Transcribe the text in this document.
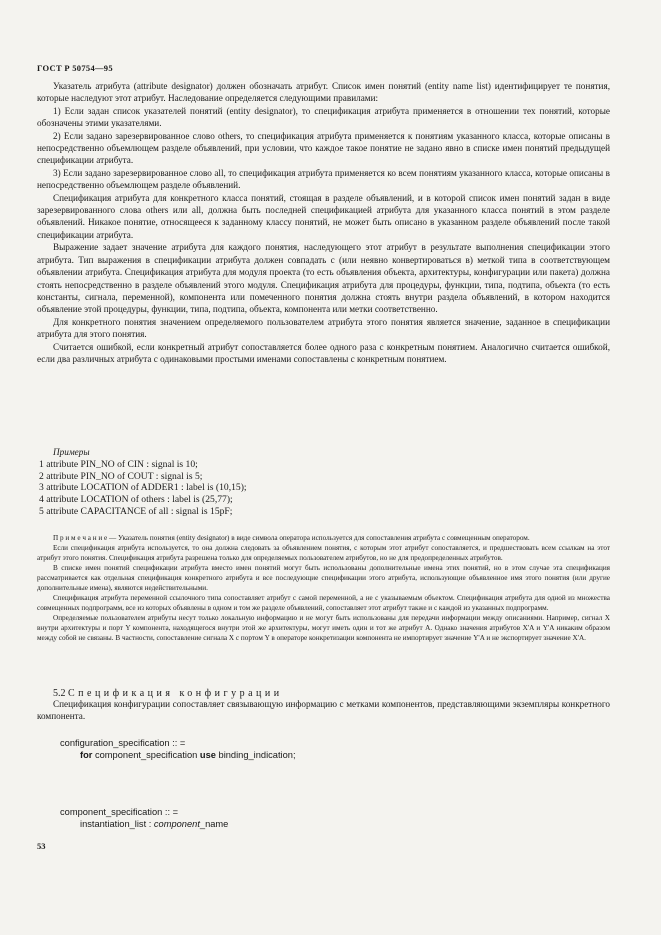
ГОСТ Р 50754—95

Указатель атрибута (attribute designator) должен обозначать атрибут. Список имен понятий (entity name list) идентифицирует те понятия, которые наследуют этот атрибут. Наследование определяется следующими правилами:

1) Если задан список указателей понятий (entity designator), то спецификация атрибута применяется в отношении тех понятий, которые обозначены этими указателями.

2) Если задано зарезервированное слово others, то спецификация атрибута применяется к понятиям указанного класса, которые описаны в непосредственно объемлющем разделе объявлений, при условии, что каждое такое понятие не задано явно в списке имен понятий предыдущей спецификации атрибута.

3) Если задано зарезервированное слово all, то спецификация атрибута применяется ко всем понятиям указанного класса, которые описаны в непосредственно объемлющем разделе объявлений.

Спецификация атрибута для конкретного класса понятий, стоящая в разделе объявлений, и в которой список имен понятий задан в виде зарезервированного слова others или all, должна быть последней спецификацией атрибута для указанного класса понятий в этом разделе объявлений. Никакое понятие, относящееся к заданному классу понятий, не может быть описано в указанном разделе объявлений после такой спецификации атрибута.

Выражение задает значение атрибута для каждого понятия, наследующего этот атрибут в результате выполнения спецификации этого атрибута. Тип выражения в спецификации атрибута должен совпадать с (или неявно конвертироваться в) меткой типа в соответствующем объявлении атрибута. Спецификация атрибута для модуля проекта (то есть объявления объекта, архитектуры, конфигурации или пакета) должна стоять непосредственно в разделе объявлений этого модуля. Спецификация атрибута для процедуры, функции, типа, подтипа, объекта (то есть константы, сигнала, переменной), компонента или помеченного понятия должна стоять внутри раздела объявлений, в котором находится объявление этой процедуры, функции, типа, подтипа, объекта, компонента или метки соответственно.

Для конкретного понятия значением определяемого пользователем атрибута этого понятия является значение, заданное в спецификации атрибута для этого понятия.

Считается ошибкой, если конкретный атрибут сопоставляется более одного раза с конкретным понятием. Аналогично считается ошибкой, если два различных атрибута с одинаковыми простыми именами сопоставлены с конкретным понятием.

Примеры
1 attribute PIN_NO of CIN : signal is 10;
2 attribute PIN_NO of COUT : signal is 5;
3 attribute LOCATION of ADDER1 : label is (10,15);
4 attribute LOCATION of others : label is (25,77);
5 attribute CAPACITANCE of all : signal is 15pF;

П р и м е ч а н и е — Указатель понятия (entity designator) в виде символа оператора используется для сопоставления атрибута с совмещенным оператором.

Если спецификация атрибута используется, то она должна следовать за объявлением понятия, с которым этот атрибут сопоставляется, и предшествовать всем ссылкам на этот атрибут этого понятия. Спецификация атрибута разрешена только для определяемых пользователем атрибутов, но не для предопределенных атрибутов.

В списке имен понятий спецификации атрибута вместо имен понятий могут быть использованы дополнительные имена этих понятий, но в этом случае эта спецификация рассматривается как отдельная спецификация конкретного атрибута и все последующие спецификации этого атрибута, использующие объявленное имя этого понятия (или другие дополнительные имена), являются недействительными.

Спецификация атрибута переменной ссылочного типа сопоставляет атрибут с самой переменной, а не с указываемым объектом. Спецификация атрибута для одной из множества совмещенных подпрограмм, все из которых объявлены в одном и том же разделе объявлений, сопоставляет этот атрибут также и с каждой из указанных подпрограмм.

Определяемые пользователем атрибуты несут только локальную информацию и не могут быть использованы для передачи информации между описаниями. Например, сигнал X внутри архитектуры и порт Y компонента, находящегося внутри этой же архитектуры, могут иметь один и тот же атрибут A. Однако значения атрибутов X'A и Y'A никаким образом между собой не связаны. В частности, сопоставление сигнала X с портом Y в операторе конкретизации компонента не импортирует значение Y'A и не экспортирует значение X'A.

5.2 Спецификация конфигурации

Спецификация конфигурации сопоставляет связывающую информацию с метками компонентов, представляющими экземпляры конкретного компонента.

configuration_specification :: =
for component_specification use binding_indication;
component_specification :: =
instantiation_list : component_name
53
